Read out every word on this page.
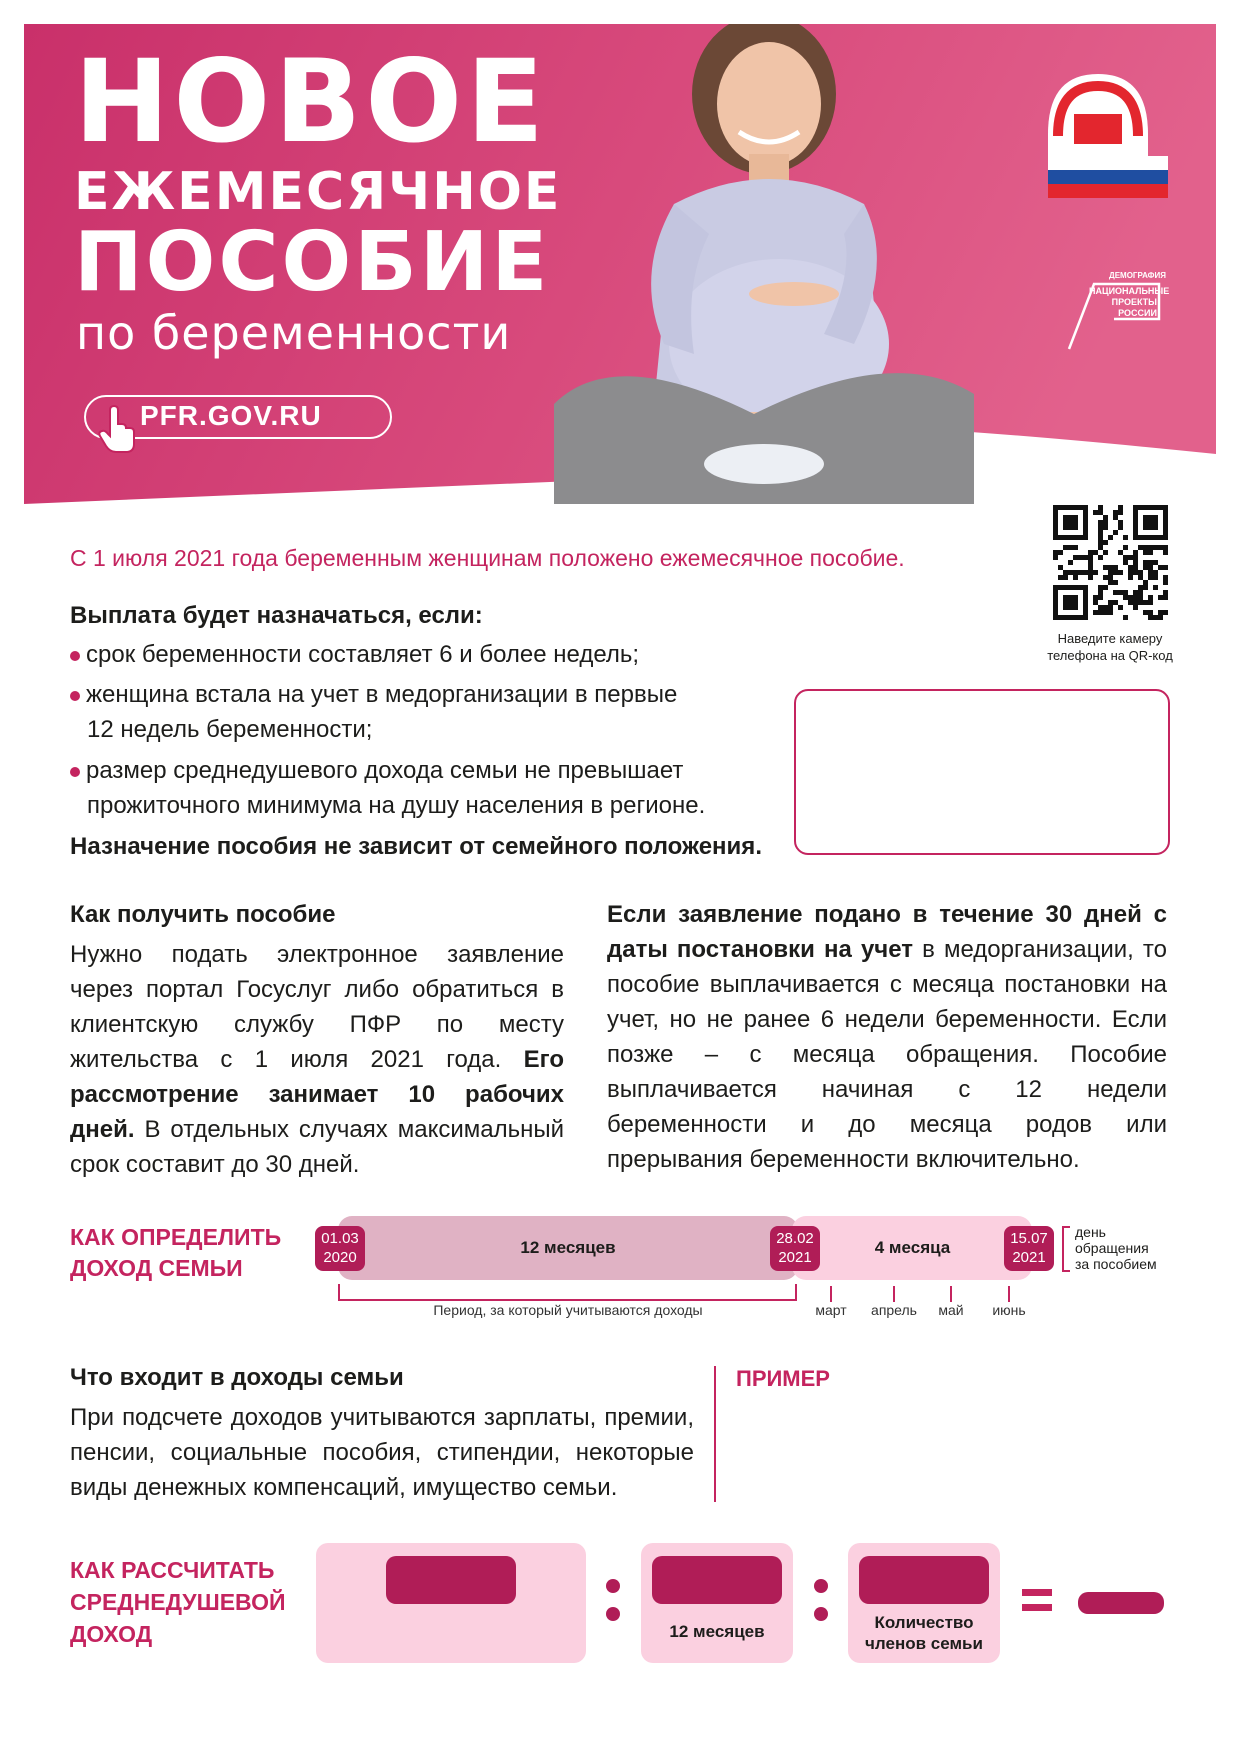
НОВОЕ
ЕЖЕМЕСЯЧНОЕ
ПОСОБИЕ
по беременности
ДЕМОГРАФИЯ
НАЦИОНАЛЬНЫЕ
ПРОЕКТЫ
РОССИИ
PFR.GOV.RU
Наведите камеру
телефона на QR-код
С 1 июля 2021 года беременным женщинам положено ежемесячное пособие.
Выплата будет назначаться, если:
срок беременности составляет 6 и более недель;
женщина встала на учет в медорганизации в первые
12 недель беременности;
размер среднедушевого дохода семьи не превышает
прожиточного минимума на душу населения в регионе.
Назначение пособия не зависит от семейного положения.
Как получить пособие
Нужно подать электронное заявление через портал Госуслуг либо обратиться в клиентскую службу ПФР по месту жительства с 1 июля 2021 года. Его рассмотрение занимает 10 рабочих дней. В отдельных случаях максимальный срок составит до 30 дней.
Если заявление подано в течение 30 дней с даты постановки на учет в медорганизации, то пособие выплачивается с месяца постановки на учет, но не ранее 6 недели беременности. Если позже – с месяца обращения. Пособие выплачивается начиная с 12 недели беременности и до месяца родов или прерывания беременности включительно.
КАК ОПРЕДЕЛИТЬ
ДОХОД СЕМЬИ
12 месяцев	4 месяца
01.03
2020
28.02
2021
15.07
2021
день
обращения
за пособием
Период, за который учитываются доходы	март	апрель	май	июнь
Что входит в доходы семьи
При подсчете доходов учитываются зарплаты, премии, пенсии, социальные пособия, стипендии, некоторые виды денежных компенсаций, имущество семьи.
ПРИМЕР
КАК РАССЧИТАТЬ
СРЕДНЕДУШЕВОЙ
ДОХОД	12 месяцев	Количество
членов семьи
